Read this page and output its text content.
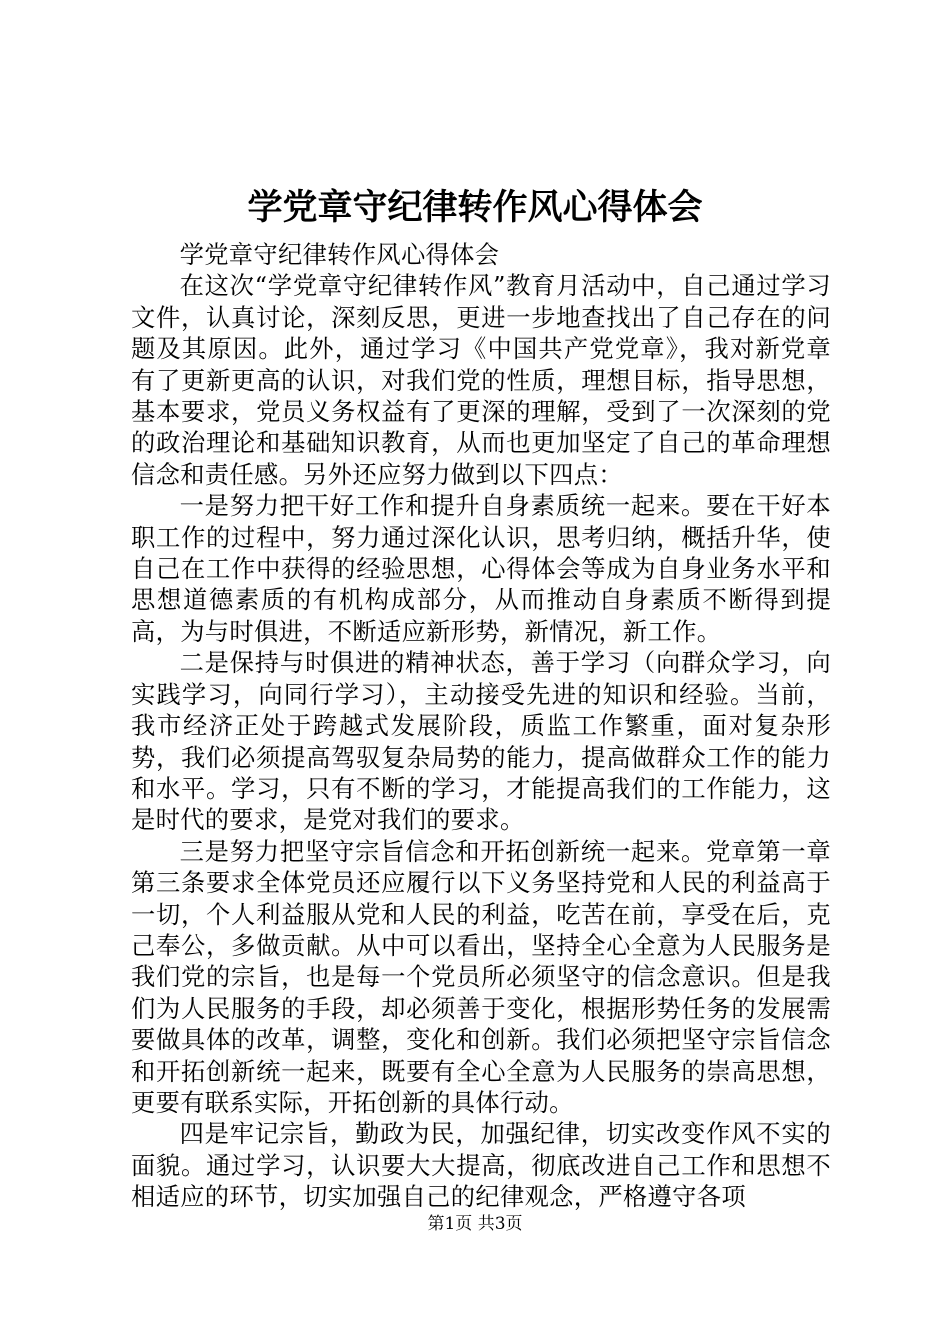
学党章守纪律转作风心得体会

学党章守纪律转作风心得体会

在这次“学党章守纪律转作风”教育月活动中，自己通过学习文件，认真讨论，深刻反思，更进一步地查找出了自己存在的问题及其原因。此外，通过学习《中国共产党党章》，我对新党章有了更新更高的认识，对我们党的性质，理想目标，指导思想，基本要求，党员义务权益有了更深的理解，受到了一次深刻的党的政治理论和基础知识教育，从而也更加坚定了自己的革命理想信念和责任感。另外还应努力做到以下四点：

一是努力把干好工作和提升自身素质统一起来。要在干好本职工作的过程中，努力通过深化认识，思考归纳，概括升华，使自己在工作中获得的经验思想，心得体会等成为自身业务水平和思想道德素质的有机构成部分，从而推动自身素质不断得到提高，为与时俱进，不断适应新形势，新情况，新工作。

二是保持与时俱进的精神状态，善于学习（向群众学习，向实践学习，向同行学习），主动接受先进的知识和经验。当前，我市经济正处于跨越式发展阶段，质监工作繁重，面对复杂形势，我们必须提高驾驭复杂局势的能力，提高做群众工作的能力和水平。学习，只有不断的学习，才能提高我们的工作能力，这是时代的要求，是党对我们的要求。

三是努力把坚守宗旨信念和开拓创新统一起来。党章第一章第三条要求全体党员还应履行以下义务坚持党和人民的利益高于一切，个人利益服从党和人民的利益，吃苦在前，享受在后，克己奉公，多做贡献。从中可以看出，坚持全心全意为人民服务是我们党的宗旨，也是每一个党员所必须坚守的信念意识。但是我们为人民服务的手段，却必须善于变化，根据形势任务的发展需要做具体的改革，调整，变化和创新。我们必须把坚守宗旨信念和开拓创新统一起来，既要有全心全意为人民服务的崇高思想，更要有联系实际，开拓创新的具体行动。

四是牢记宗旨，勤政为民，加强纪律，切实改变作风不实的面貌。通过学习，认识要大大提高，彻底改进自己工作和思想不相适应的环节，切实加强自己的纪律观念，严格遵守各项

第1页 共3页
